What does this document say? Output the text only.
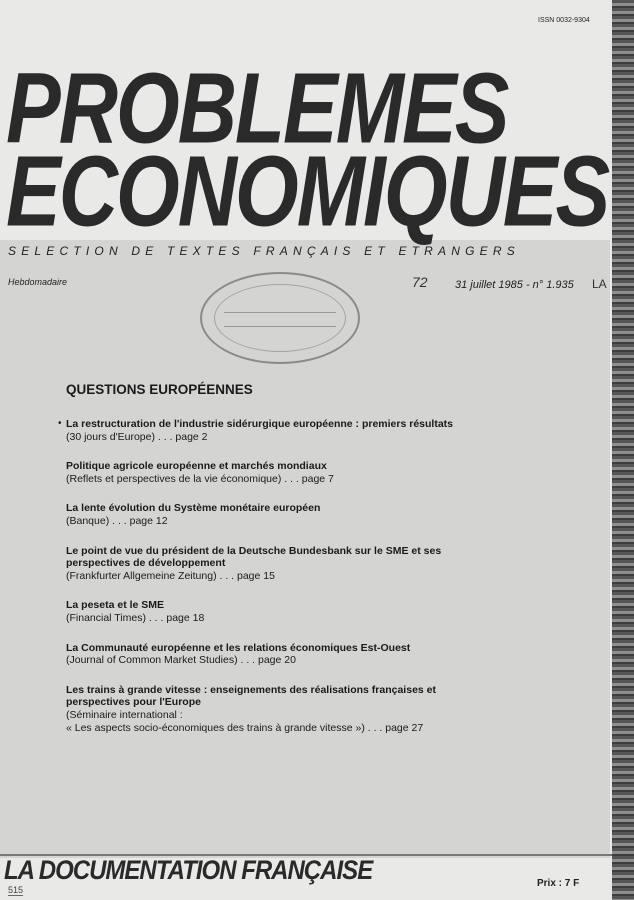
ISSN 0032-9304
PROBLEMES
ECONOMIQUES
SELECTION DE TEXTES FRANÇAIS ET ETRANGERS
Hebdomadaire	72 31 juillet 1985 - n° 1.935 LA
QUESTIONS EUROPÉENNES
• La restructuration de l'industrie sidérurgique européenne : premiers résultats
(30 jours d'Europe) . . . page 2
Politique agricole européenne et marchés mondiaux
(Reflets et perspectives de la vie économique) . . . page 7
La lente évolution du Système monétaire européen
(Banque) . . . page 12
Le point de vue du président de la Deutsche Bundesbank sur le SME et ses perspectives de développement
(Frankfurter Allgemeine Zeitung) . . . page 15
La peseta et le SME
(Financial Times) . . . page 18
La Communauté européenne et les relations économiques Est-Ouest
(Journal of Common Market Studies) . . . page 20
Les trains à grande vitesse : enseignements des réalisations françaises et perspectives pour l'Europe
(Séminaire international :
« Les aspects socio-économiques des trains à grande vitesse ») . . . page 27
LA DOCUMENTATION FRANÇAISE	Prix : 7 F
515
